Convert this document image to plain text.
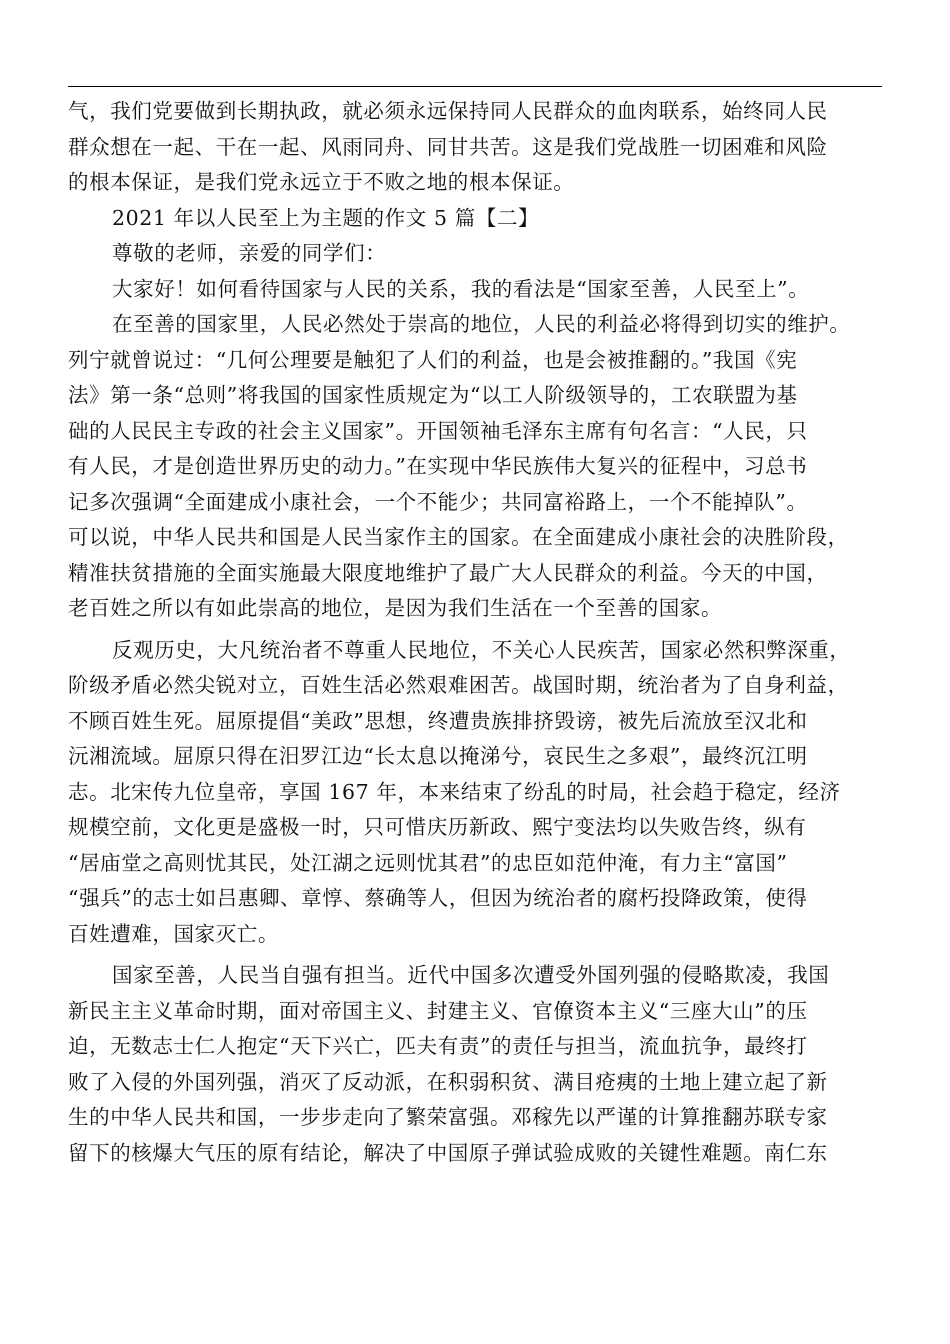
气，我们党要做到长期执政，就必须永远保持同人民群众的血肉联系，始终同人民
群众想在一起、干在一起、风雨同舟、同甘共苦。这是我们党战胜一切困难和风险
的根本保证，是我们党永远立于不败之地的根本保证。
2021 年以人民至上为主题的作文 5 篇【二】
尊敬的老师，亲爱的同学们：
大家好！如何看待国家与人民的关系，我的看法是“国家至善，人民至上”。
在至善的国家里，人民必然处于崇高的地位，人民的利益必将得到切实的维护。
列宁就曾说过：“几何公理要是触犯了人们的利益，也是会被推翻的。”我国《宪
法》第一条“总则”将我国的国家性质规定为“以工人阶级领导的，工农联盟为基
础的人民民主专政的社会主义国家”。开国领袖毛泽东主席有句名言：“人民，只
有人民，才是创造世界历史的动力。”在实现中华民族伟大复兴的征程中，习总书
记多次强调“全面建成小康社会，一个不能少；共同富裕路上，一个不能掉队”。
可以说，中华人民共和国是人民当家作主的国家。在全面建成小康社会的决胜阶段，
精准扶贫措施的全面实施最大限度地维护了最广大人民群众的利益。今天的中国，
老百姓之所以有如此崇高的地位，是因为我们生活在一个至善的国家。
反观历史，大凡统治者不尊重人民地位，不关心人民疾苦，国家必然积弊深重，
阶级矛盾必然尖锐对立，百姓生活必然艰难困苦。战国时期，统治者为了自身利益，
不顾百姓生死。屈原提倡“美政”思想，终遭贵族排挤毁谤，被先后流放至汉北和
沅湘流域。屈原只得在汨罗江边“长太息以掩涕兮，哀民生之多艰”，最终沉江明
志。北宋传九位皇帝，享国 167 年，本来结束了纷乱的时局，社会趋于稳定，经济
规模空前，文化更是盛极一时，只可惜庆历新政、熙宁变法均以失败告终，纵有
“居庙堂之高则忧其民，处江湖之远则忧其君”的忠臣如范仲淹，有力主“富国”
“强兵”的志士如吕惠卿、章惇、蔡确等人，但因为统治者的腐朽投降政策，使得
百姓遭难，国家灭亡。
国家至善，人民当自强有担当。近代中国多次遭受外国列强的侵略欺凌，我国
新民主主义革命时期，面对帝国主义、封建主义、官僚资本主义“三座大山”的压
迫，无数志士仁人抱定“天下兴亡，匹夫有责”的责任与担当，流血抗争，最终打
败了入侵的外国列强，消灭了反动派，在积弱积贫、满目疮痍的土地上建立起了新
生的中华人民共和国，一步步走向了繁荣富强。邓稼先以严谨的计算推翻苏联专家
留下的核爆大气压的原有结论，解决了中国原子弹试验成败的关键性难题。南仁东
